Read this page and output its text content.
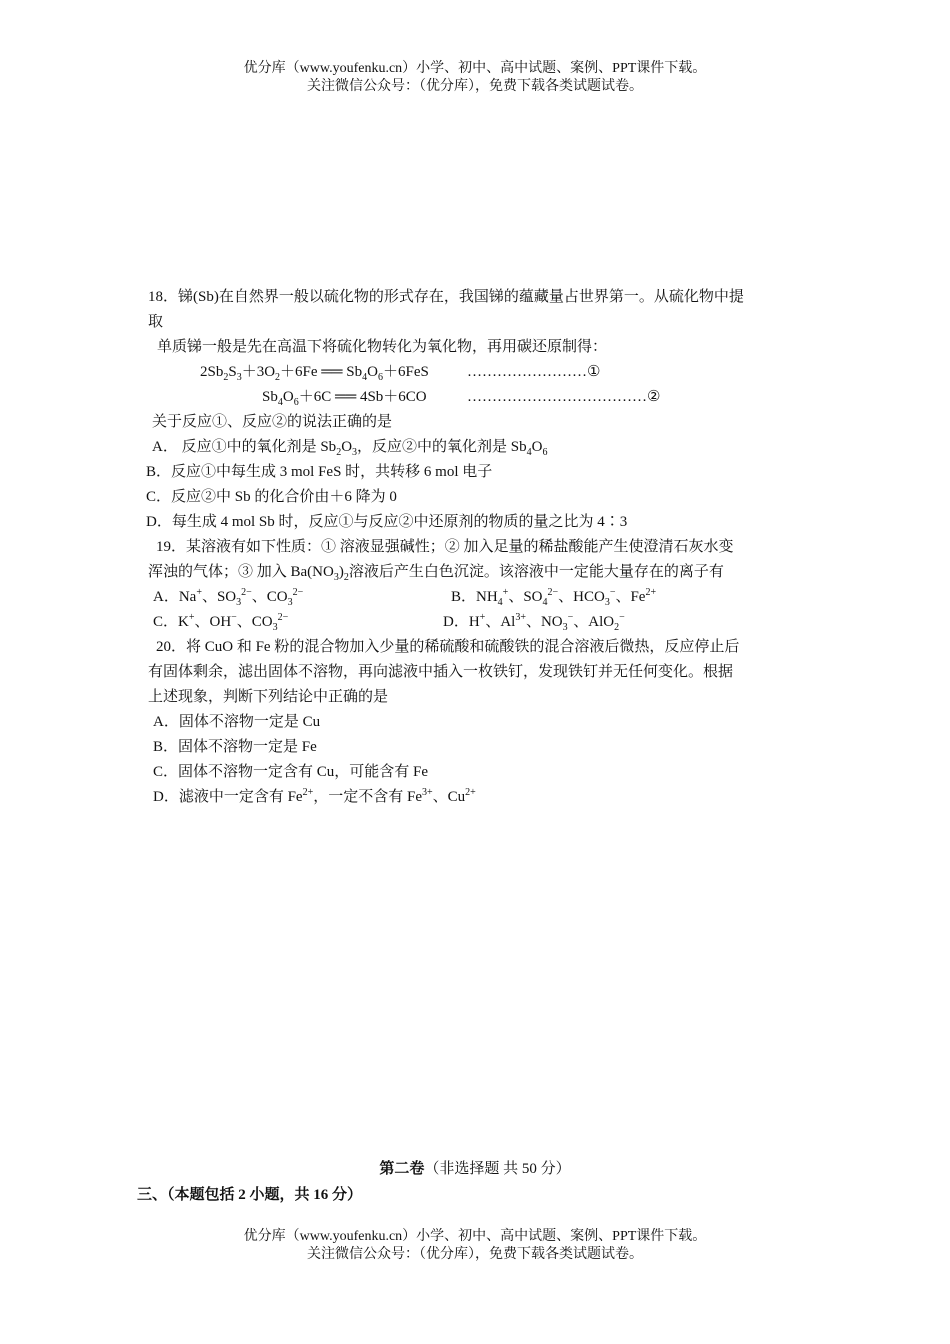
优分库（www.youfenku.cn）小学、初中、高中试题、案例、PPT课件下载。
关注微信公众号：（优分库），免费下载各类试题试卷。
18．锑(Sb)在自然界一般以硫化物的形式存在，我国锑的蕴藏量占世界第一。从硫化物中提
取
单质锑一般是先在高温下将硫化物转化为氧化物，再用碳还原制得：
$2Sb_2S_3+3O_2+6Fe$ ══ $Sb_4O_6+6FeS$	……………………①
$Sb_4O_6+6C$ ══ 4Sb＋6CO	………………………………②
关于反应①、反应②的说法正确的是
A． 反应①中的氧化剂是 $Sb_2O_3$，反应②中的氧化剂是 $Sb_4O_6$
B．反应①中每生成 3 mol FeS 时，共转移 6 mol 电子
C．反应②中 Sb 的化合价由＋6 降为 0
D．每生成 4 mol Sb 时，反应①与反应②中还原剂的物质的量之比为 4∶3
19．某溶液有如下性质：① 溶液显强碱性；② 加入足量的稀盐酸能产生使澄清石灰水变
浑浊的气体；③ 加入 $Ba(NO_3)_2$溶液后产生白色沉淀。该溶液中一定能大量存在的离子有
A．Na+、$SO_3^{2-}$、$CO_3^{2-}$	B．$NH_4^+$、$SO_4^{2-}$、$HCO_3^-$、$Fe^{2+}$
C．K+、OH−、$CO_3^{2-}$	D．H+、$Al^{3+}$、$NO_3^-$、AlO$_2$−
20．将 CuO 和 Fe 粉的混合物加入少量的稀硫酸和硫酸铁的混合溶液后微热，反应停止后
有固体剩余，滤出固体不溶物，再向滤液中插入一枚铁钉，发现铁钉并无任何变化。根据
上述现象，判断下列结论中正确的是
A．固体不溶物一定是 Cu
B．固体不溶物一定是 Fe
C．固体不溶物一定含有 Cu，可能含有 Fe
D．滤液中一定含有 $Fe^{2+}$，一定不含有 $Fe^{3+}$、$Cu^{2+}$
第二卷（非选择题 共 50 分）
三、（本题包括 2 小题，共 16 分）
优分库（www.youfenku.cn）小学、初中、高中试题、案例、PPT课件下载。
关注微信公众号：（优分库），免费下载各类试题试卷。
